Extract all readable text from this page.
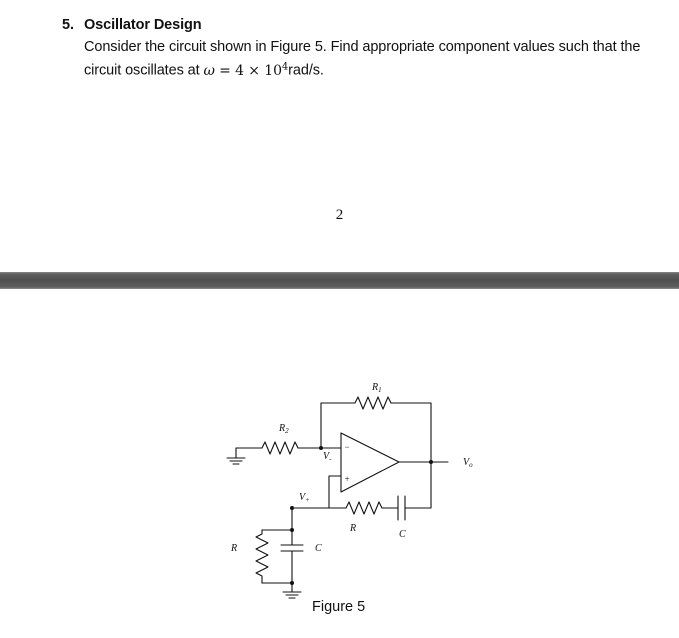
5. Oscillator Design
Consider the circuit shown in Figure 5. Find appropriate component values such that the circuit oscillates at $\omega = 4 \times 10^4rad/s$.
2
$R_1$
$R_2$
$V_-$
$V_+$
−
+
$V_o$
R
C
R	C
Figure 5
